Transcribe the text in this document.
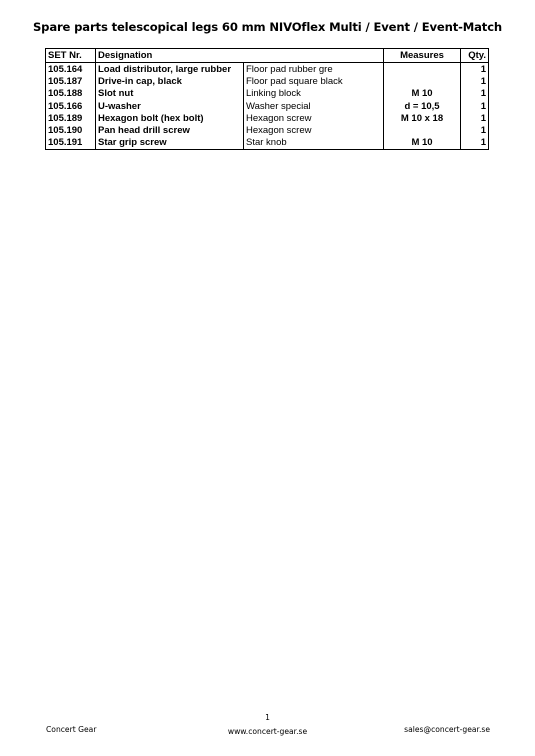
Spare parts telescopical legs 60 mm NIVOflex Multi / Event / Event-Match
SET Nr.	Designation		Measures	Qty.
105.164	Load distributor, large rubber	Floor pad rubber gre		1
105.187	Drive-in cap, black	Floor pad square black		1
105.188	Slot nut	Linking block	M 10	1
105.166	U-washer	Washer special	d = 10,5	1
105.189	Hexagon bolt (hex bolt)	Hexagon screw	M 10 x 18	1
105.190	Pan head drill screw	Hexagon screw		1
105.191	Star grip screw	Star knob	M 10	1
1
Concert Gear	www.concert-gear.se	sales@concert-gear.se
